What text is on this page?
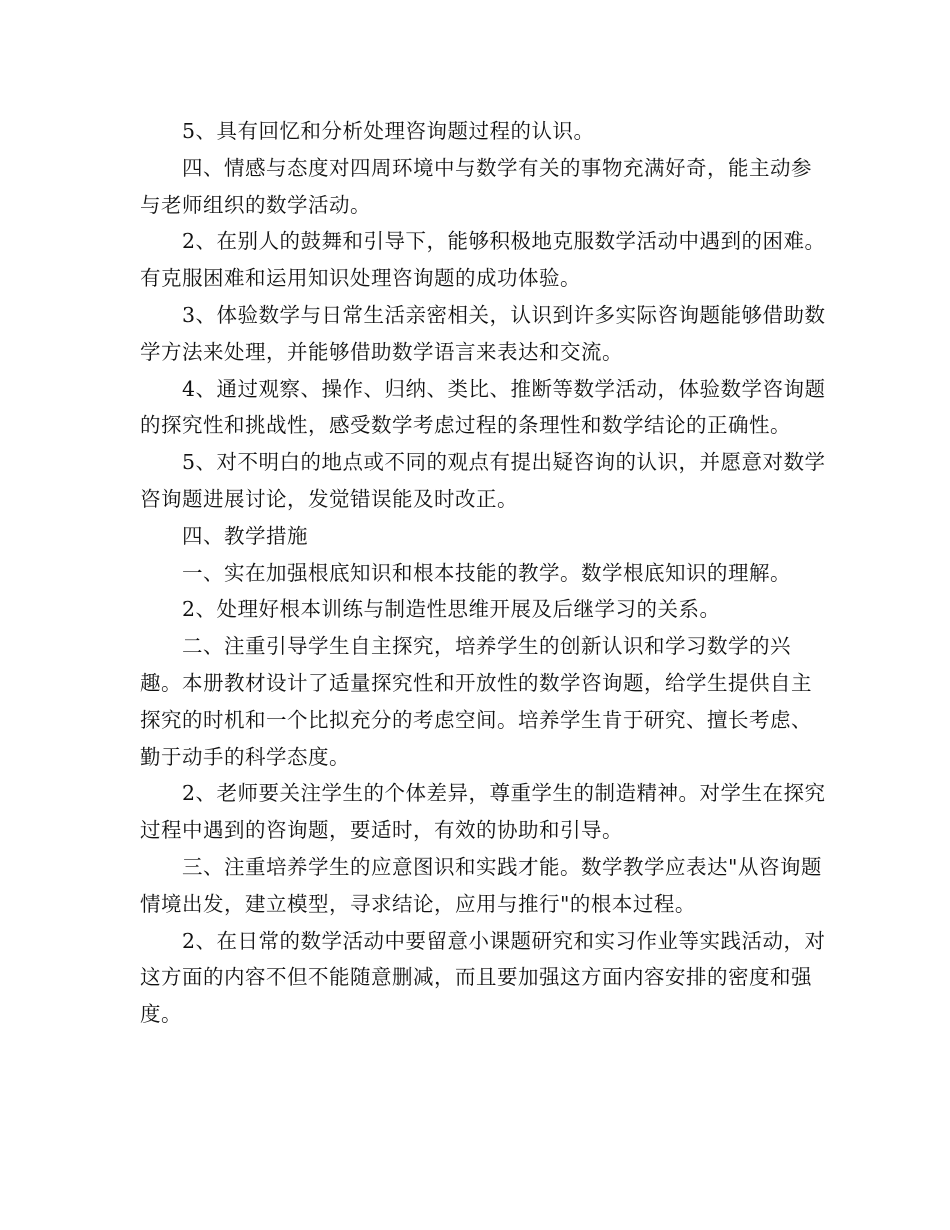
5、具有回忆和分析处理咨询题过程的认识。

四、情感与态度对四周环境中与数学有关的事物充满好奇，能主动参与老师组织的数学活动。

2、在别人的鼓舞和引导下，能够积极地克服数学活动中遇到的困难。有克服困难和运用知识处理咨询题的成功体验。

3、体验数学与日常生活亲密相关，认识到许多实际咨询题能够借助数学方法来处理，并能够借助数学语言来表达和交流。

4、通过观察、操作、归纳、类比、推断等数学活动，体验数学咨询题的探究性和挑战性，感受数学考虑过程的条理性和数学结论的正确性。

5、对不明白的地点或不同的观点有提出疑咨询的认识，并愿意对数学咨询题进展讨论，发觉错误能及时改正。

四、教学措施

一、实在加强根底知识和根本技能的教学。数学根底知识的理解。

2、处理好根本训练与制造性思维开展及后继学习的关系。

二、注重引导学生自主探究，培养学生的创新认识和学习数学的兴趣。本册教材设计了适量探究性和开放性的数学咨询题，给学生提供自主探究的时机和一个比拟充分的考虑空间。培养学生肯于研究、擅长考虑、勤于动手的科学态度。

2、老师要关注学生的个体差异，尊重学生的制造精神。对学生在探究过程中遇到的咨询题，要适时，有效的协助和引导。

三、注重培养学生的应意图识和实践才能。数学教学应表达"从咨询题情境出发，建立模型，寻求结论，应用与推行"的根本过程。

2、在日常的数学活动中要留意小课题研究和实习作业等实践活动，对这方面的内容不但不能随意删减，而且要加强这方面内容安排的密度和强度。
